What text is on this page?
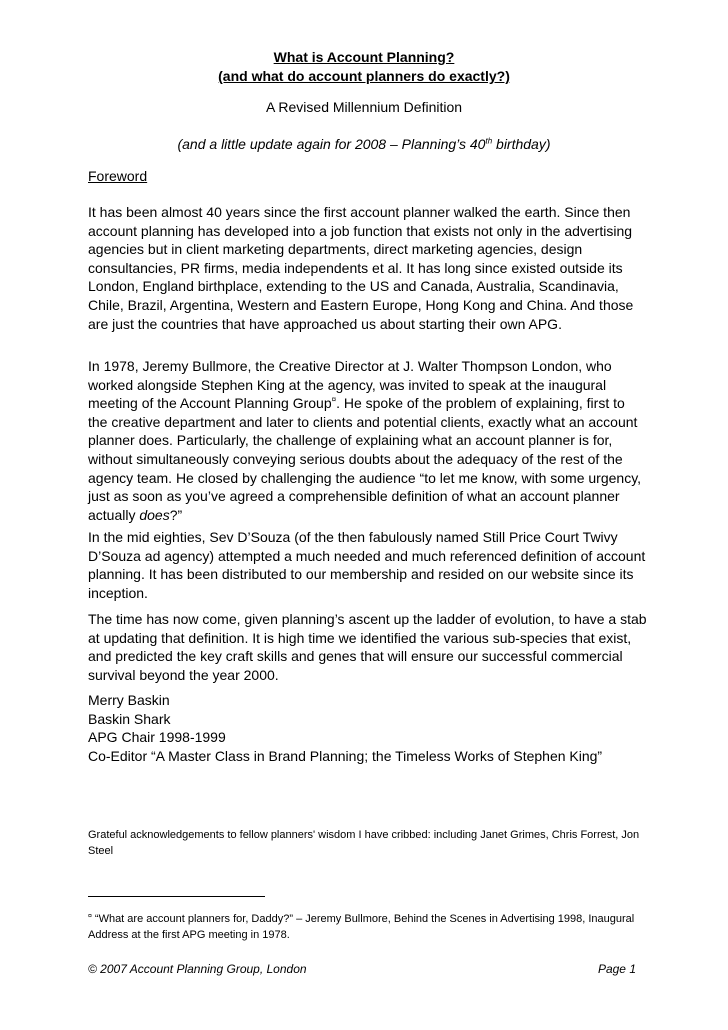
What is Account Planning?
(and what do account planners do exactly?)
A Revised Millennium Definition
(and a little update again for 2008 – Planning’s 40th birthday)
Foreword
It has been almost 40 years since the first account planner walked the earth. Since then account planning has developed into a job function that exists not only in the advertising agencies but in client marketing departments, direct marketing agencies, design consultancies, PR firms, media independents et al. It has long since existed outside its London, England birthplace, extending to the US and Canada, Australia, Scandinavia, Chile, Brazil, Argentina, Western and Eastern Europe, Hong Kong and China. And those are just the countries that have approached us about starting their own APG.
In 1978, Jeremy Bullmore, the Creative Director at J. Walter Thompson London, who worked alongside Stephen King at the agency, was invited to speak at the inaugural meeting of the Account Planning Group¤. He spoke of the problem of explaining, first to the creative department and later to clients and potential clients, exactly what an account planner does. Particularly, the challenge of explaining what an account planner is for, without simultaneously conveying serious doubts about the adequacy of the rest of the agency team. He closed by challenging the audience “to let me know, with some urgency, just as soon as you’ve agreed a comprehensible definition of what an account planner actually does?”
In the mid eighties, Sev D’Souza (of the then fabulously named Still Price Court Twivy D’Souza ad agency) attempted a much needed and much referenced definition of account planning. It has been distributed to our membership and resided on our website since its inception.
The time has now come, given planning’s ascent up the ladder of evolution, to have a stab at updating that definition. It is high time we identified the various sub-species that exist, and predicted the key craft skills and genes that will ensure our successful commercial survival beyond the year 2000.
Merry Baskin
Baskin Shark
APG Chair 1998-1999
Co-Editor “A Master Class in Brand Planning; the Timeless Works of Stephen King”
Grateful acknowledgements to fellow planners' wisdom I have cribbed: including Janet Grimes, Chris Forrest, Jon Steel
¤ “What are account planners for, Daddy?” – Jeremy Bullmore, Behind the Scenes in Advertising 1998, Inaugural Address at the first APG meeting in 1978.
© 2007 Account Planning Group, London	Page 1
